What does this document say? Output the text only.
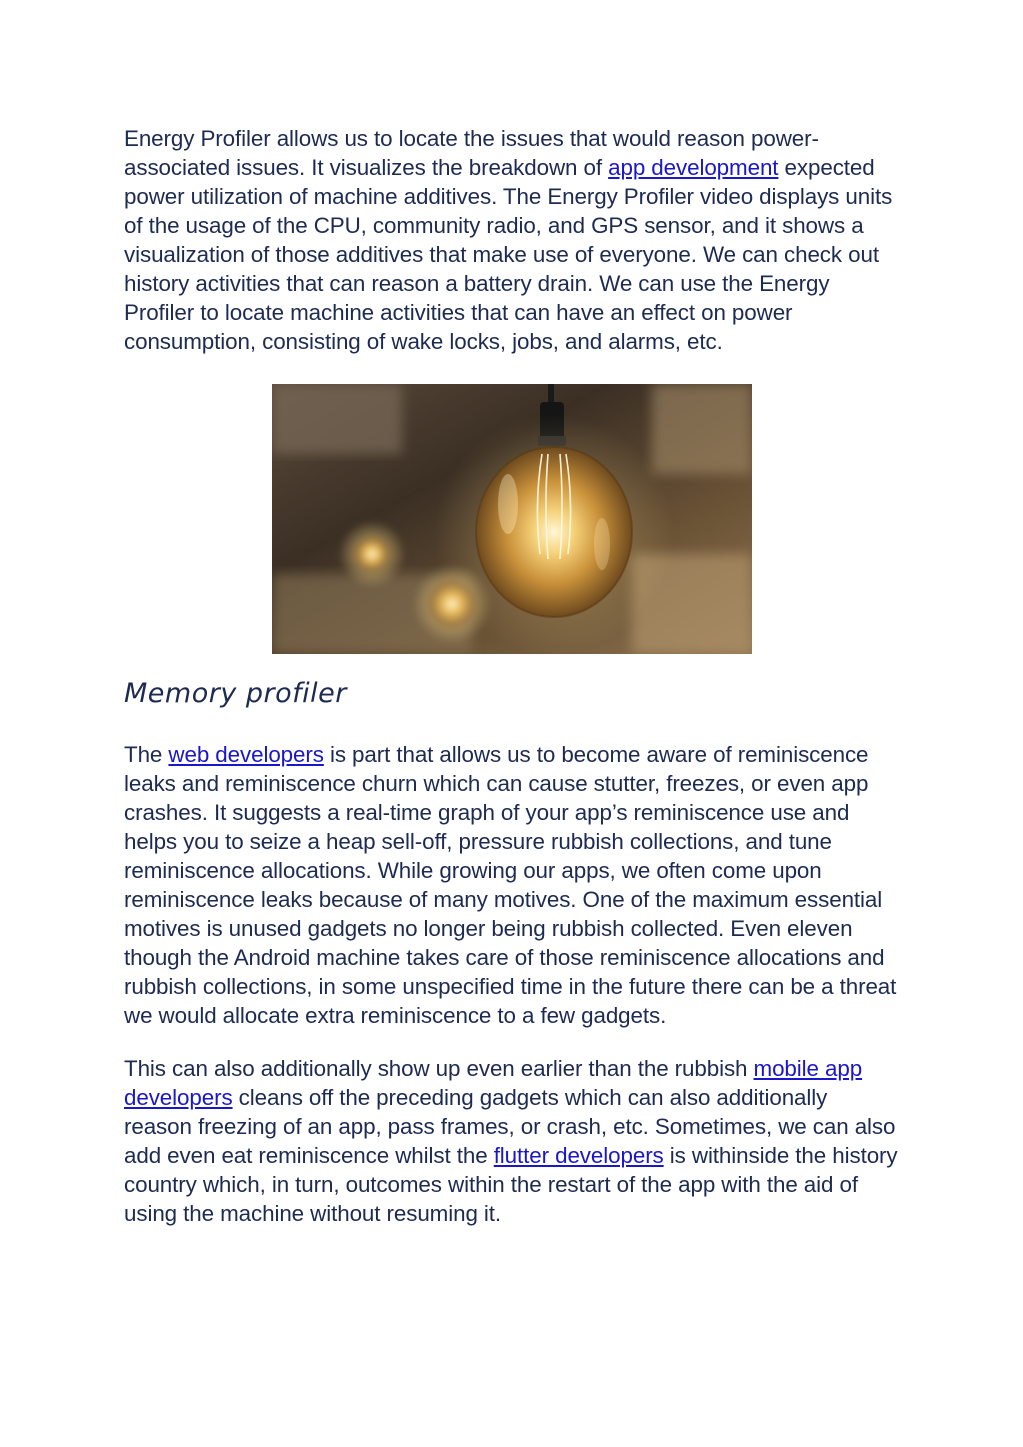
Energy Profiler allows us to locate the issues that would reason power-associated issues. It visualizes the breakdown of app development expected power utilization of machine additives. The Energy Profiler video displays units of the usage of the CPU, community radio, and GPS sensor, and it shows a visualization of those additives that make use of everyone. We can check out history activities that can reason a battery drain. We can use the Energy Profiler to locate machine activities that can have an effect on power consumption, consisting of wake locks, jobs, and alarms, etc.

Memory profiler

The web developers is part that allows us to become aware of reminiscence leaks and reminiscence churn which can cause stutter, freezes, or even app crashes. It suggests a real-time graph of your app’s reminiscence use and helps you to seize a heap sell-off, pressure rubbish collections, and tune reminiscence allocations. While growing our apps, we often come upon reminiscence leaks because of many motives. One of the maximum essential motives is unused gadgets no longer being rubbish collected. Even eleven though the Android machine takes care of those reminiscence allocations and rubbish collections, in some unspecified time in the future there can be a threat we would allocate extra reminiscence to a few gadgets.

This can also additionally show up even earlier than the rubbish mobile app developers cleans off the preceding gadgets which can also additionally reason freezing of an app, pass frames, or crash, etc. Sometimes, we can also add even eat reminiscence whilst the flutter developers is withinside the history country which, in turn, outcomes within the restart of the app with the aid of using the machine without resuming it.
